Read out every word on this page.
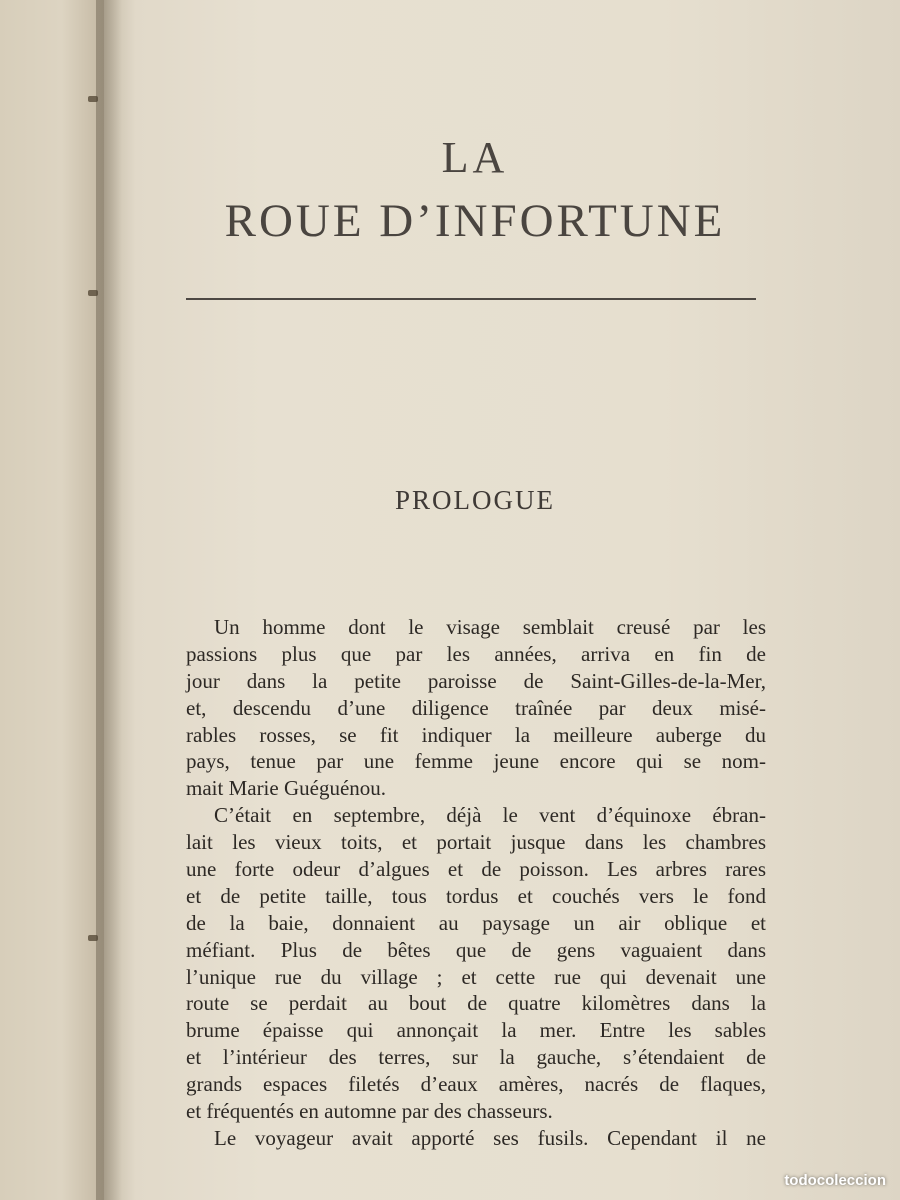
LA
ROUE D’INFORTUNE
PROLOGUE
Un homme dont le visage semblait creusé par les
passions plus que par les années, arriva en fin de
jour dans la petite paroisse de Saint-Gilles-de-la-Mer,
et, descendu d’une diligence traînée par deux misé-
rables rosses, se fit indiquer la meilleure auberge du
pays, tenue par une femme jeune encore qui se nom-
mait Marie Guéguénou.
C’était en septembre, déjà le vent d’équinoxe ébran-
lait les vieux toits, et portait jusque dans les chambres
une forte odeur d’algues et de poisson. Les arbres rares
et de petite taille, tous tordus et couchés vers le fond
de la baie, donnaient au paysage un air oblique et
méfiant. Plus de bêtes que de gens vaguaient dans
l’unique rue du village ; et cette rue qui devenait une
route se perdait au bout de quatre kilomètres dans la
brume épaisse qui annonçait la mer. Entre les sables
et l’intérieur des terres, sur la gauche, s’étendaient de
grands espaces filetés d’eaux amères, nacrés de flaques,
et fréquentés en automne par des chasseurs.
Le voyageur avait apporté ses fusils. Cependant il ne
todocoleccion
